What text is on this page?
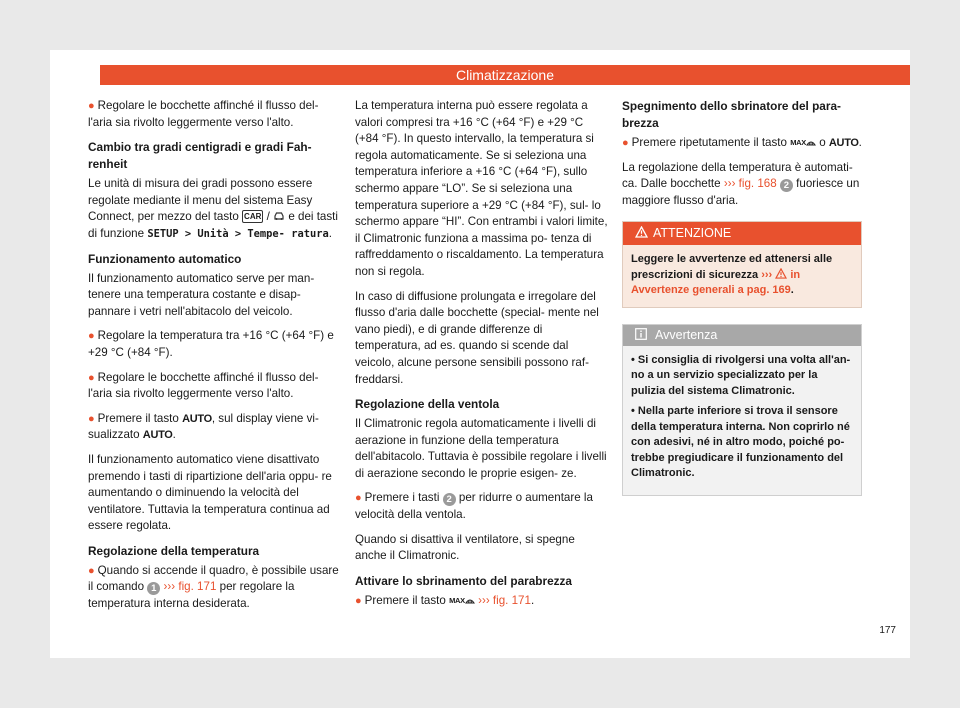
Climatizzazione

● Regolare le bocchette affinché il flusso del- l'aria sia rivolto leggermente verso l'alto.

Cambio tra gradi centigradi e gradi Fah- renheit

Le unità di misura dei gradi possono essere regolate mediante il menu del sistema Easy Connect, per mezzo del tasto CAR / e dei tasti di funzione SETUP > Unità > Tempe- ratura.

Funzionamento automatico

Il funzionamento automatico serve per man- tenere una temperatura costante e disap- pannare i vetri nell'abitacolo del veicolo.

● Regolare la temperatura tra +16 °C (+64 °F) e +29 °C (+84 °F).

● Regolare le bocchette affinché il flusso del- l'aria sia rivolto leggermente verso l'alto.

● Premere il tasto AUTO, sul display viene vi- sualizzato AUTO.

Il funzionamento automatico viene disattivato premendo i tasti di ripartizione dell'aria oppu- re aumentando o diminuendo la velocità del ventilatore. Tuttavia la temperatura continua ad essere regolata.

Regolazione della temperatura

● Quando si accende il quadro, è possibile usare il comando 1 ››› fig. 171 per regolare la temperatura interna desiderata.

La temperatura interna può essere regolata a valori compresi tra +16 °C (+64 °F) e +29 °C (+84 °F). In questo intervallo, la temperatura si regola automaticamente. Se si seleziona una temperatura inferiore a +16 °C (+64 °F), sullo schermo appare “LO”. Se si seleziona una temperatura superiore a +29 °C (+84 °F), sul- lo schermo appare “HI”. Con entrambi i valori limite, il Climatronic funziona a massima po- tenza di raffreddamento o riscaldamento. La temperatura non si regola.

In caso di diffusione prolungata e irregolare del flusso d'aria dalle bocchette (special- mente nel vano piedi), e di grande differenze di temperatura, ad es. quando si scende dal veicolo, alcune persone sensibili possono raf- freddarsi.

Regolazione della ventola

Il Climatronic regola automaticamente i livelli di aerazione in funzione della temperatura dell'abitacolo. Tuttavia è possibile regolare i livelli di aerazione secondo le proprie esigen- ze.

● Premere i tasti 2 per ridurre o aumentare la velocità della ventola.

Quando si disattiva il ventilatore, si spegne anche il Climatronic.

Attivare lo sbrinamento del parabrezza

● Premere il tasto MAX ››› fig. 171.

Spegnimento dello sbrinatore del para- brezza

● Premere ripetutamente il tasto MAX o AUTO.

La regolazione della temperatura è automati- ca. Dalle bocchette ››› fig. 168 2 fuoriesce un maggiore flusso d'aria.

ATTENZIONE
Leggere le avvertenze ed attenersi alle prescrizioni di sicurezza ››› in Avvertenze generali a pag. 169.
Avvertenza

• Si consiglia di rivolgersi una volta all'an- no a un servizio specializzato per la pulizia del sistema Climatronic.

• Nella parte inferiore si trova il sensore della temperatura interna. Non coprirlo né con adesivi, né in altro modo, poiché po- trebbe pregiudicare il funzionamento del Climatronic.

177
